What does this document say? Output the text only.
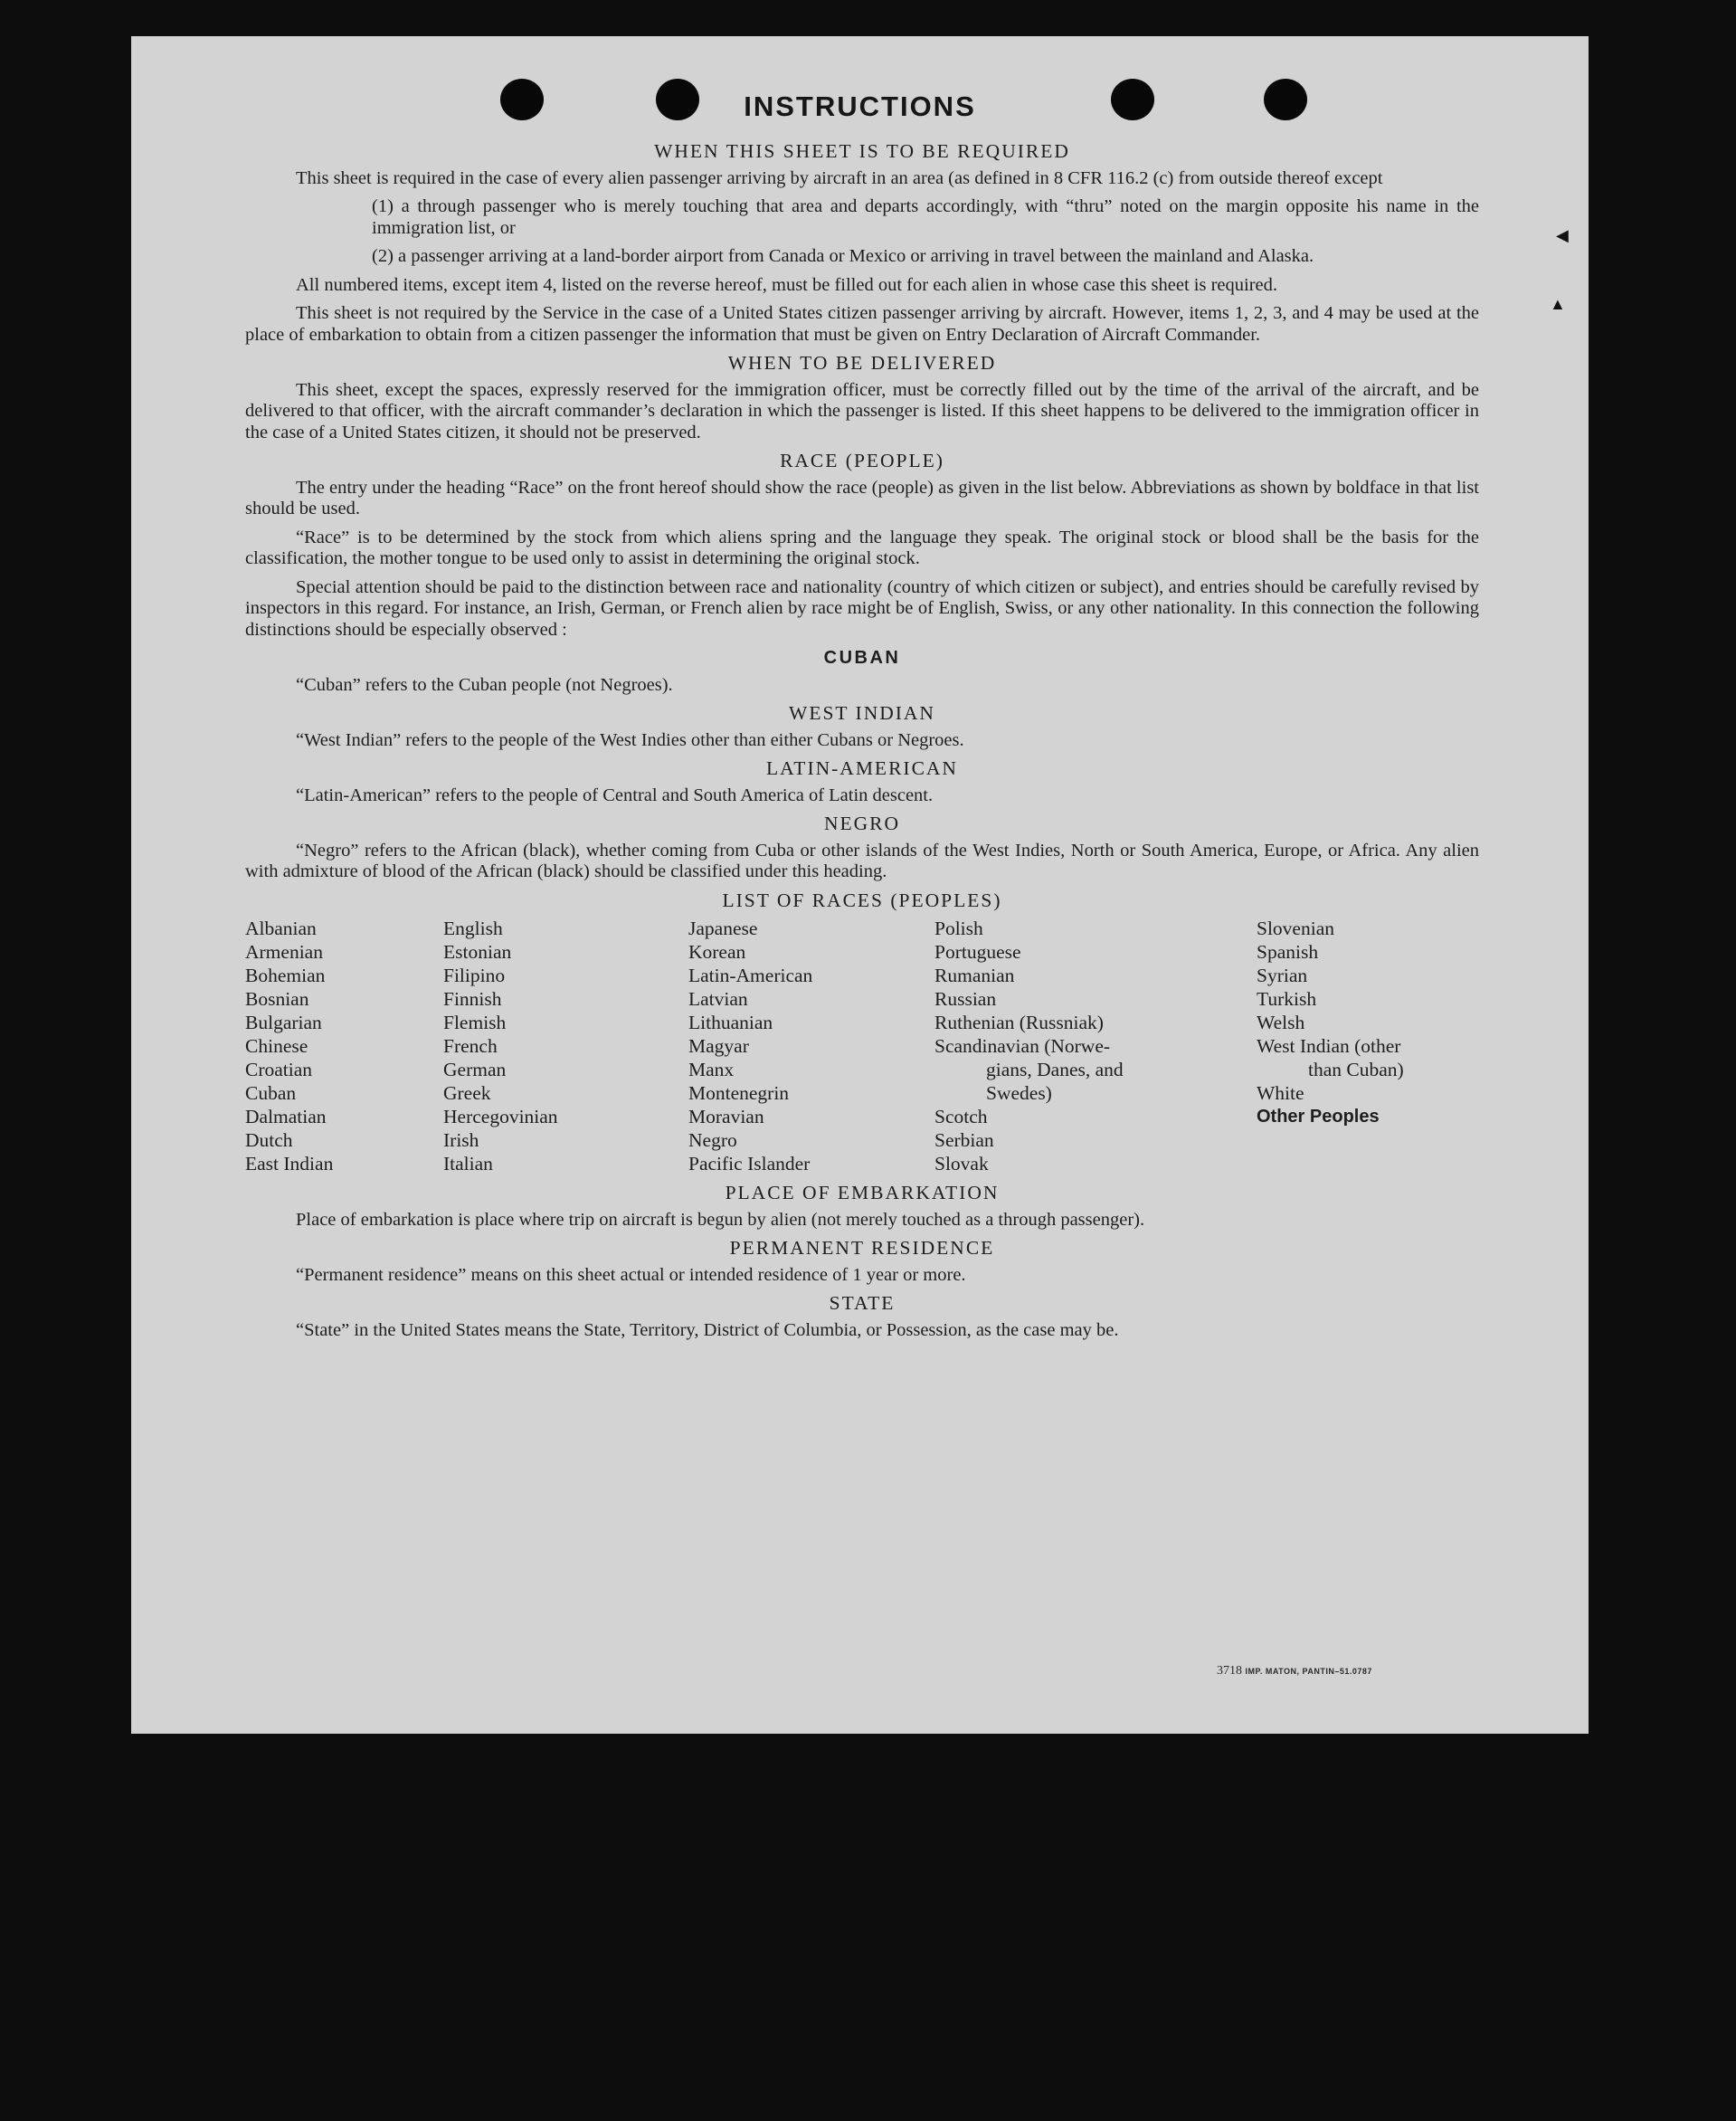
INSTRUCTIONS
WHEN THIS SHEET IS TO BE REQUIRED

This sheet is required in the case of every alien passenger arriving by aircraft in an area (as defined in 8 CFR 116.2 (c) from outside thereof except

(1) a through passenger who is merely touching that area and departs accordingly, with “thru” noted on the margin opposite his name in the immigration list, or

(2) a passenger arriving at a land-border airport from Canada or Mexico or arriving in travel between the mainland and Alaska.

All numbered items, except item 4, listed on the reverse hereof, must be filled out for each alien in whose case this sheet is required.

This sheet is not required by the Service in the case of a United States citizen passenger arriving by aircraft. However, items 1, 2, 3, and 4 may be used at the place of embarkation to obtain from a citizen passenger the information that must be given on Entry Declaration of Aircraft Commander.

WHEN TO BE DELIVERED

This sheet, except the spaces, expressly reserved for the immigration officer, must be correctly filled out by the time of the arrival of the aircraft, and be delivered to that officer, with the aircraft commander’s declaration in which the passenger is listed. If this sheet happens to be delivered to the immigration officer in the case of a United States citizen, it should not be preserved.

RACE (PEOPLE)

The entry under the heading “Race” on the front hereof should show the race (people) as given in the list below. Abbreviations as shown by boldface in that list should be used.

“Race” is to be determined by the stock from which aliens spring and the language they speak. The original stock or blood shall be the basis for the classification, the mother tongue to be used only to assist in determining the original stock.

Special attention should be paid to the distinction between race and nationality (country of which citizen or subject), and entries should be carefully revised by inspectors in this regard. For instance, an Irish, German, or French alien by race might be of English, Swiss, or any other nationality. In this connection the following distinctions should be especially observed :

CUBAN

“Cuban” refers to the Cuban people (not Negroes).

WEST INDIAN

“West Indian” refers to the people of the West Indies other than either Cubans or Negroes.

LATIN-AMERICAN

“Latin-American” refers to the people of Central and South America of Latin descent.

NEGRO

“Negro” refers to the African (black), whether coming from Cuba or other islands of the West Indies, North or South America, Europe, or Africa. Any alien with admixture of blood of the African (black) should be classified under this heading.

LIST OF RACES (PEOPLES)
Albanian
Armenian
Bohemian
Bosnian
Bulgarian
Chinese
Croatian
Cuban
Dalmatian
Dutch
East Indian
English
Estonian
Filipino
Finnish
Flemish
French
German
Greek
Hercegovinian
Irish
Italian
Japanese
Korean
Latin-American
Latvian
Lithuanian
Magyar
Manx
Montenegrin
Moravian
Negro
Pacific Islander
Polish
Portuguese
Rumanian
Russian
Ruthenian (Russniak)
Scandinavian (Norwe-
gians, Danes, and
Swedes)
Scotch
Serbian
Slovak
Slovenian
Spanish
Syrian
Turkish
Welsh
West Indian (other
than Cuban)
White
Other Peoples
PLACE OF EMBARKATION

Place of embarkation is place where trip on aircraft is begun by alien (not merely touched as a through passenger).

PERMANENT RESIDENCE

“Permanent residence” means on this sheet actual or intended residence of 1 year or more.

STATE

“State” in the United States means the State, Territory, District of Columbia, or Possession, as the case may be.

3718 IMP. MATON, PANTIN–51.0787
◀
▲
